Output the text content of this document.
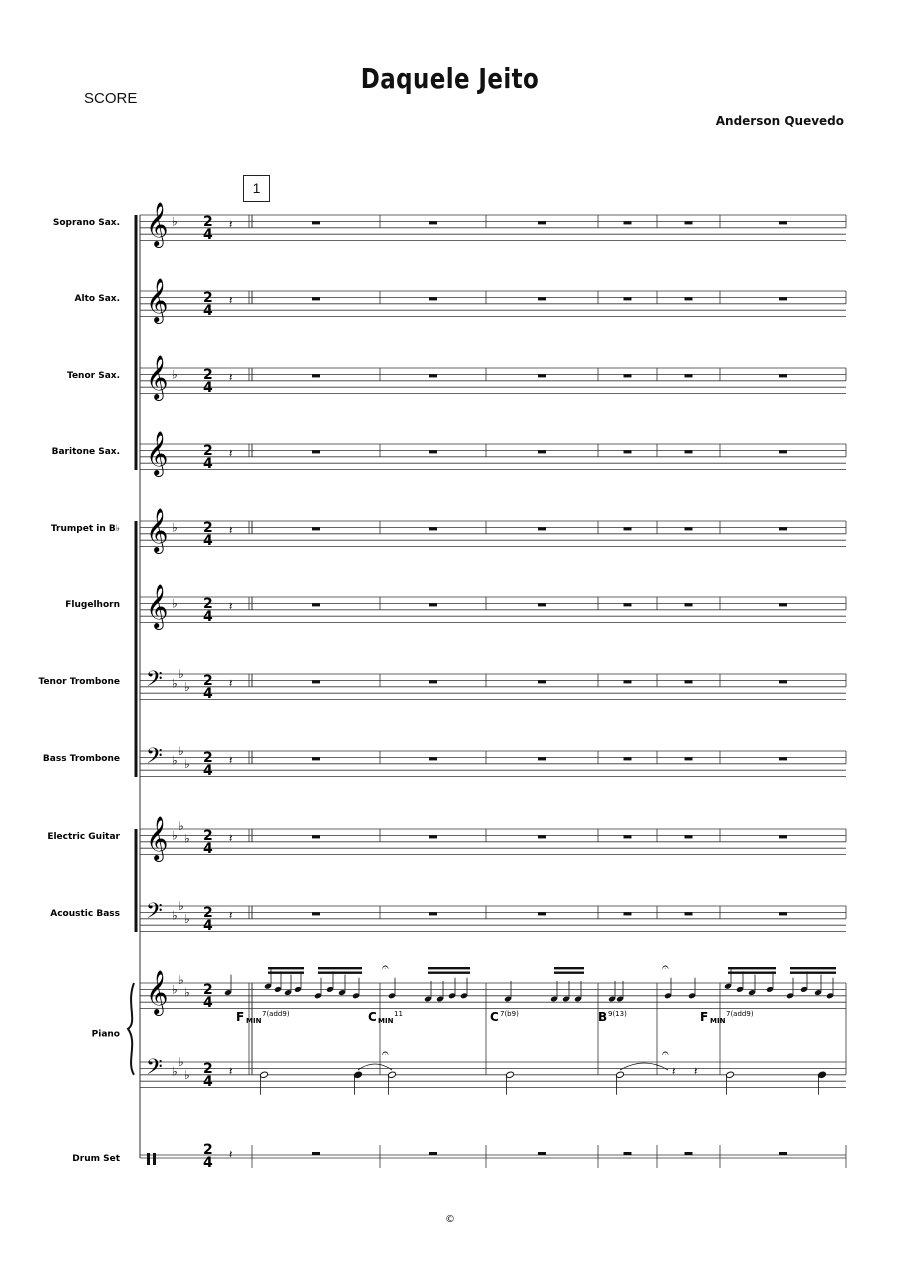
SCORE
Daquele Jeito
Anderson Quevedo
1
Soprano Sax.
Alto Sax.
Tenor Sax.
Baritone Sax.
Trumpet in B♭
Flugelhorn
Tenor Trombone
Bass Trombone
Electric Guitar
Acoustic Bass
Piano
Drum Set
𝄞 ♭ 2
4
𝄽
𝄞 2
4
𝄽
𝄞 ♭ 2
4
𝄽
𝄞 2
4
𝄽
𝄞 ♭ 2
4
𝄽
𝄞 ♭ 2
4
𝄽
𝄢 ♭
♭
♭ 2
4
𝄽
𝄢 ♭
♭
♭ 2
4
𝄽
𝄞 ♭
♭
♭ 2
4
𝄽
𝄢 ♭
♭
♭ 2
4
𝄽
𝄞 ♭
♭
♭ 2
4
𝄐	𝄐
F MIN
7(add9)	C MIN
11	C 7(b9)	B 9(13)	F MIN
7(add9)
𝄢 ♭
♭
♭ 2
4
𝄽
𝄐	𝄐
𝄽 𝄽
2
4
𝄽
©
